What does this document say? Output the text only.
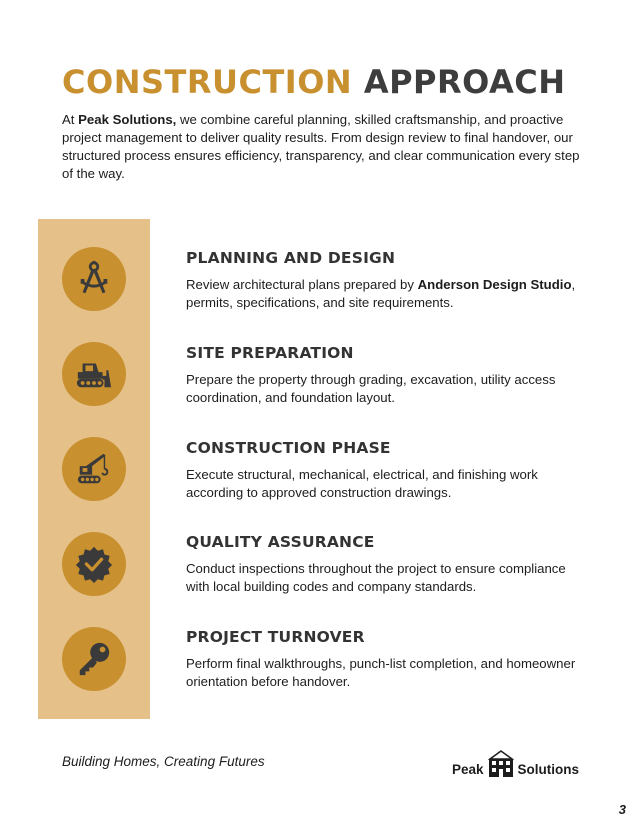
CONSTRUCTION APPROACH

At Peak Solutions, we combine careful planning, skilled craftsmanship, and proactive project management to deliver quality results. From design review to final handover, our structured process ensures efficiency, transparency, and clear communication every step of the way.

PLANNING AND DESIGN

Review architectural plans prepared by Anderson Design Studio, permits, specifications, and site requirements.

SITE PREPARATION

Prepare the property through grading, excavation, utility access coordination, and foundation layout.

CONSTRUCTION PHASE

Execute structural, mechanical, electrical, and finishing work according to approved construction drawings.

QUALITY ASSURANCE

Conduct inspections throughout the project to ensure compliance with local building codes and company standards.

PROJECT TURNOVER

Perform final walkthroughs, punch-list completion, and homeowner orientation before handover.

Building Homes, Creating Futures

Peak	Solutions

3
